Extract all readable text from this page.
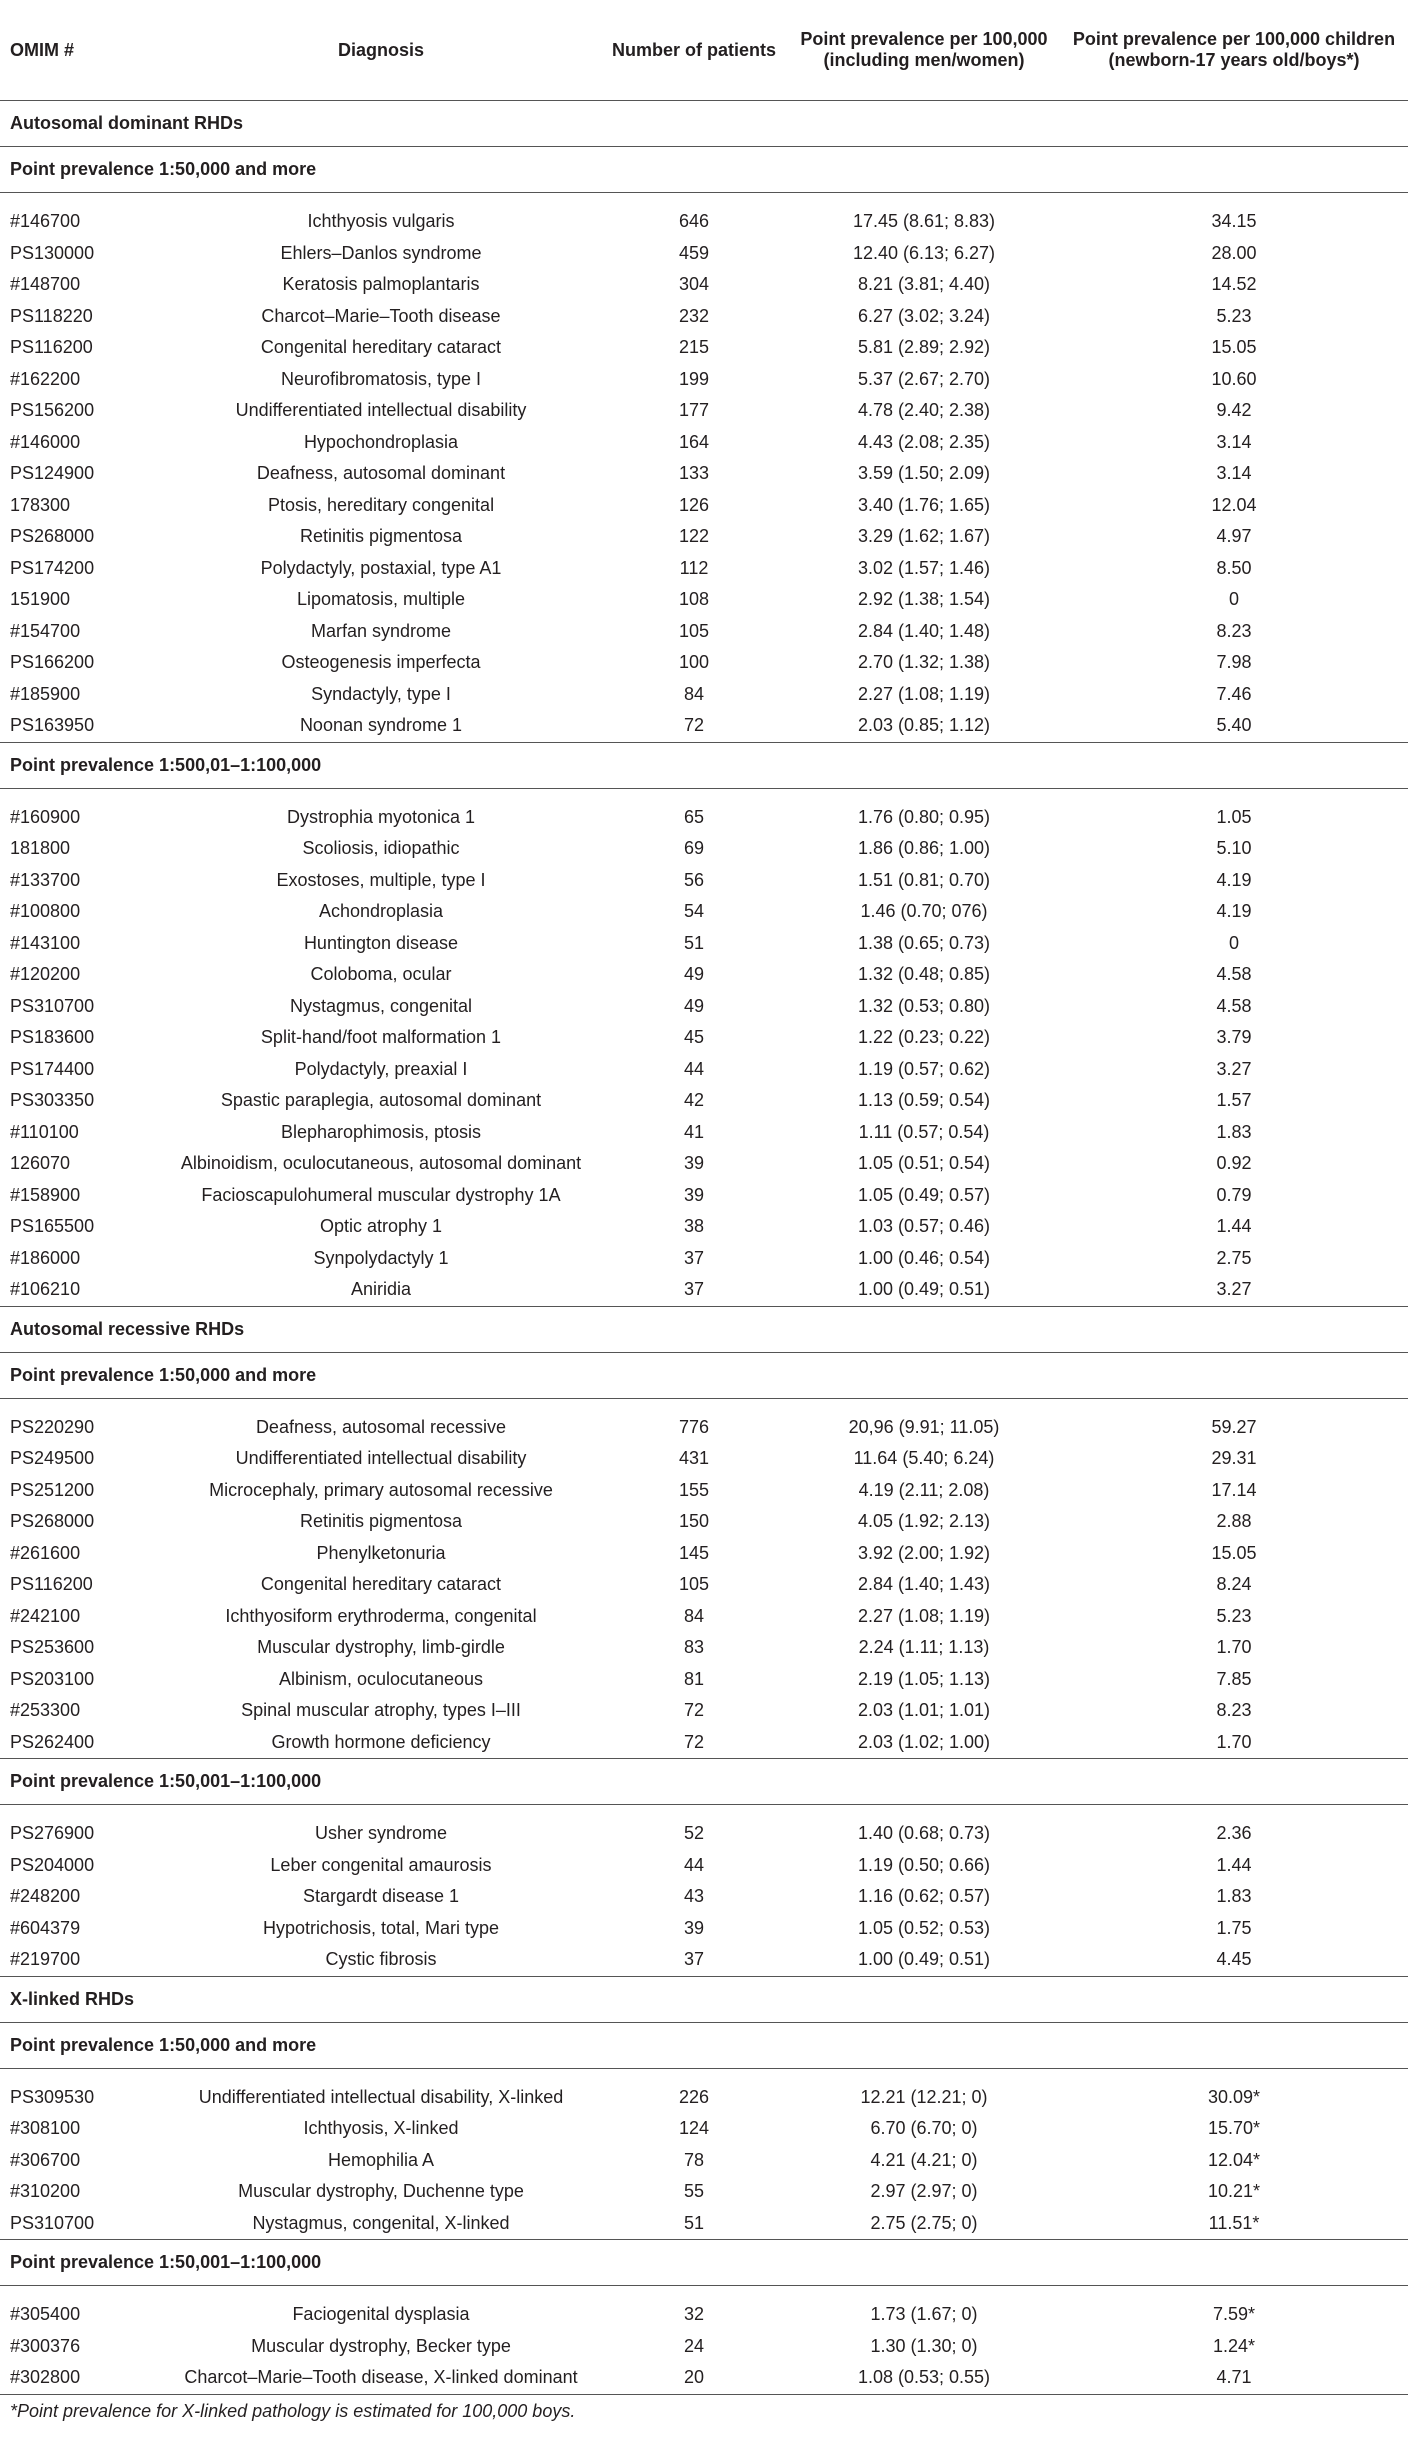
OMIM #	Diagnosis	Number of patients	Point prevalence per 100,000 (including men/women)	Point prevalence per 100,000 children (newborn-17 years old/boys*)
Autosomal dominant RHDs				
Point prevalence 1:50,000 and more				

#146700	Ichthyosis vulgaris	646	17.45 (8.61; 8.83)	34.15
PS130000	Ehlers–Danlos syndrome	459	12.40 (6.13; 6.27)	28.00
#148700	Keratosis palmoplantaris	304	8.21 (3.81; 4.40)	14.52
PS118220	Charcot–Marie–Tooth disease	232	6.27 (3.02; 3.24)	5.23
PS116200	Congenital hereditary cataract	215	5.81 (2.89; 2.92)	15.05
#162200	Neurofibromatosis, type I	199	5.37 (2.67; 2.70)	10.60
PS156200	Undifferentiated intellectual disability	177	4.78 (2.40; 2.38)	9.42
#146000	Hypochondroplasia	164	4.43 (2.08; 2.35)	3.14
PS124900	Deafness, autosomal dominant	133	3.59 (1.50; 2.09)	3.14
178300	Ptosis, hereditary congenital	126	3.40 (1.76; 1.65)	12.04
PS268000	Retinitis pigmentosa	122	3.29 (1.62; 1.67)	4.97
PS174200	Polydactyly, postaxial, type A1	112	3.02 (1.57; 1.46)	8.50
151900	Lipomatosis, multiple	108	2.92 (1.38; 1.54)	0
#154700	Marfan syndrome	105	2.84 (1.40; 1.48)	8.23
PS166200	Osteogenesis imperfecta	100	2.70 (1.32; 1.38)	7.98
#185900	Syndactyly, type I	84	2.27 (1.08; 1.19)	7.46
PS163950	Noonan syndrome 1	72	2.03 (0.85; 1.12)	5.40
Point prevalence 1:500,01–1:100,000				

#160900	Dystrophia myotonica 1	65	1.76 (0.80; 0.95)	1.05
181800	Scoliosis, idiopathic	69	1.86 (0.86; 1.00)	5.10
#133700	Exostoses, multiple, type I	56	1.51 (0.81; 0.70)	4.19
#100800	Achondroplasia	54	1.46 (0.70; 076)	4.19
#143100	Huntington disease	51	1.38 (0.65; 0.73)	0
#120200	Coloboma, ocular	49	1.32 (0.48; 0.85)	4.58
PS310700	Nystagmus, congenital	49	1.32 (0.53; 0.80)	4.58
PS183600	Split-hand/foot malformation 1	45	1.22 (0.23; 0.22)	3.79
PS174400	Polydactyly, preaxial I	44	1.19 (0.57; 0.62)	3.27
PS303350	Spastic paraplegia, autosomal dominant	42	1.13 (0.59; 0.54)	1.57
#110100	Blepharophimosis, ptosis	41	1.11 (0.57; 0.54)	1.83
126070	Albinoidism, oculocutaneous, autosomal dominant	39	1.05 (0.51; 0.54)	0.92
#158900	Facioscapulohumeral muscular dystrophy 1A	39	1.05 (0.49; 0.57)	0.79
PS165500	Optic atrophy 1	38	1.03 (0.57; 0.46)	1.44
#186000	Synpolydactyly 1	37	1.00 (0.46; 0.54)	2.75
#106210	Aniridia	37	1.00 (0.49; 0.51)	3.27
Autosomal recessive RHDs				
Point prevalence 1:50,000 and more				

PS220290	Deafness, autosomal recessive	776	20,96 (9.91; 11.05)	59.27
PS249500	Undifferentiated intellectual disability	431	11.64 (5.40; 6.24)	29.31
PS251200	Microcephaly, primary autosomal recessive	155	4.19 (2.11; 2.08)	17.14
PS268000	Retinitis pigmentosa	150	4.05 (1.92; 2.13)	2.88
#261600	Phenylketonuria	145	3.92 (2.00; 1.92)	15.05
PS116200	Congenital hereditary cataract	105	2.84 (1.40; 1.43)	8.24
#242100	Ichthyosiform erythroderma, congenital	84	2.27 (1.08; 1.19)	5.23
PS253600	Muscular dystrophy, limb-girdle	83	2.24 (1.11; 1.13)	1.70
PS203100	Albinism, oculocutaneous	81	2.19 (1.05; 1.13)	7.85
#253300	Spinal muscular atrophy, types I–III	72	2.03 (1.01; 1.01)	8.23
PS262400	Growth hormone deficiency	72	2.03 (1.02; 1.00)	1.70
Point prevalence 1:50,001–1:100,000				

PS276900	Usher syndrome	52	1.40 (0.68; 0.73)	2.36
PS204000	Leber congenital amaurosis	44	1.19 (0.50; 0.66)	1.44
#248200	Stargardt disease 1	43	1.16 (0.62; 0.57)	1.83
#604379	Hypotrichosis, total, Mari type	39	1.05 (0.52; 0.53)	1.75
#219700	Cystic fibrosis	37	1.00 (0.49; 0.51)	4.45
X-linked RHDs				
Point prevalence 1:50,000 and more				

PS309530	Undifferentiated intellectual disability, X-linked	226	12.21 (12.21; 0)	30.09*
#308100	Ichthyosis, X-linked	124	6.70 (6.70; 0)	15.70*
#306700	Hemophilia A	78	4.21 (4.21; 0)	12.04*
#310200	Muscular dystrophy, Duchenne type	55	2.97 (2.97; 0)	10.21*
PS310700	Nystagmus, congenital, X-linked	51	2.75 (2.75; 0)	11.51*
Point prevalence 1:50,001–1:100,000				

#305400	Faciogenital dysplasia	32	1.73 (1.67; 0)	7.59*
#300376	Muscular dystrophy, Becker type	24	1.30 (1.30; 0)	1.24*
#302800	Charcot–Marie–Tooth disease, X-linked dominant	20	1.08 (0.53; 0.55)	4.71
*Point prevalence for X-linked pathology is estimated for 100,000 boys.
